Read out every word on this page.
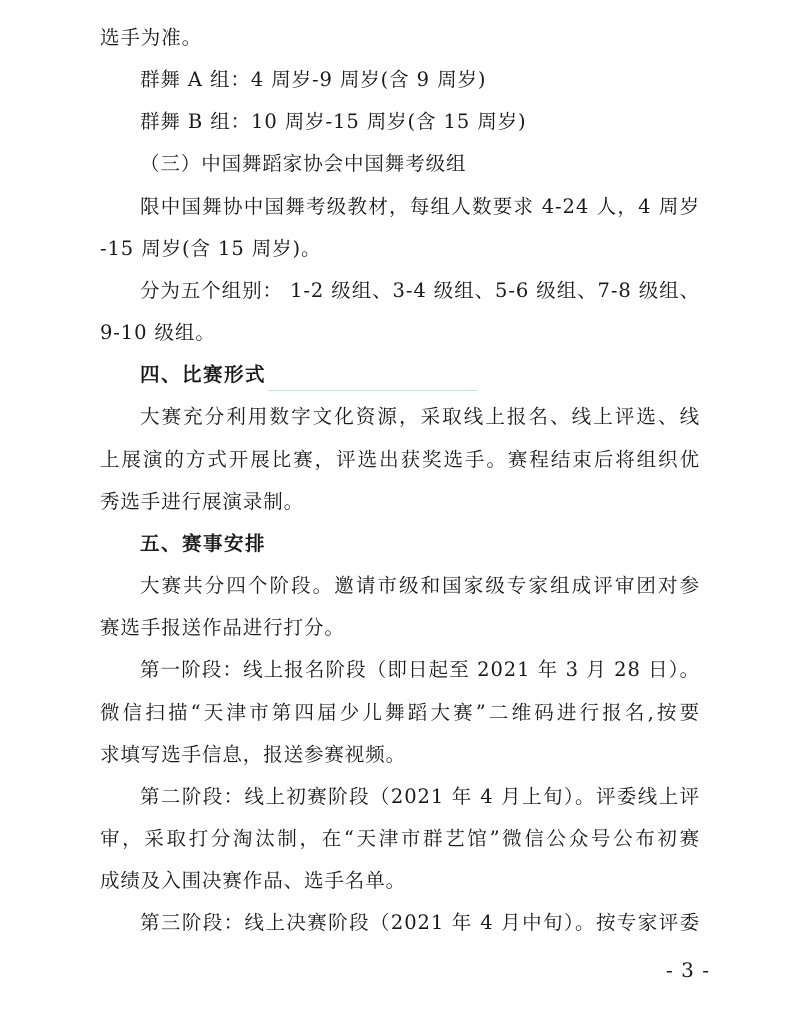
选手为准。
群舞 A 组：4 周岁-9 周岁(含 9 周岁)
群舞 B 组：10 周岁-15 周岁(含 15 周岁)
（三）中国舞蹈家协会中国舞考级组
限中国舞协中国舞考级教材，每组人数要求 4-24 人，4 周岁
-15 周岁(含 15 周岁)。
分为五个组别： 1-2 级组、3-4 级组、5-6 级组、7-8 级组、
9-10 级组。
四、比赛形式
大赛充分利用数字文化资源，采取线上报名、线上评选、线
上展演的方式开展比赛，评选出获奖选手。赛程结束后将组织优
秀选手进行展演录制。
五、赛事安排
大赛共分四个阶段。邀请市级和国家级专家组成评审团对参
赛选手报送作品进行打分。
第一阶段：线上报名阶段（即日起至 2021 年 3 月 28 日）。
微信扫描“天津市第四届少儿舞蹈大赛”二维码进行报名,按要
求填写选手信息，报送参赛视频。
第二阶段：线上初赛阶段（2021 年 4 月上旬）。评委线上评
审，采取打分淘汰制，在“天津市群艺馆”微信公众号公布初赛
成绩及入围决赛作品、选手名单。
第三阶段：线上决赛阶段（2021 年 4 月中旬）。按专家评委
- 3 -
